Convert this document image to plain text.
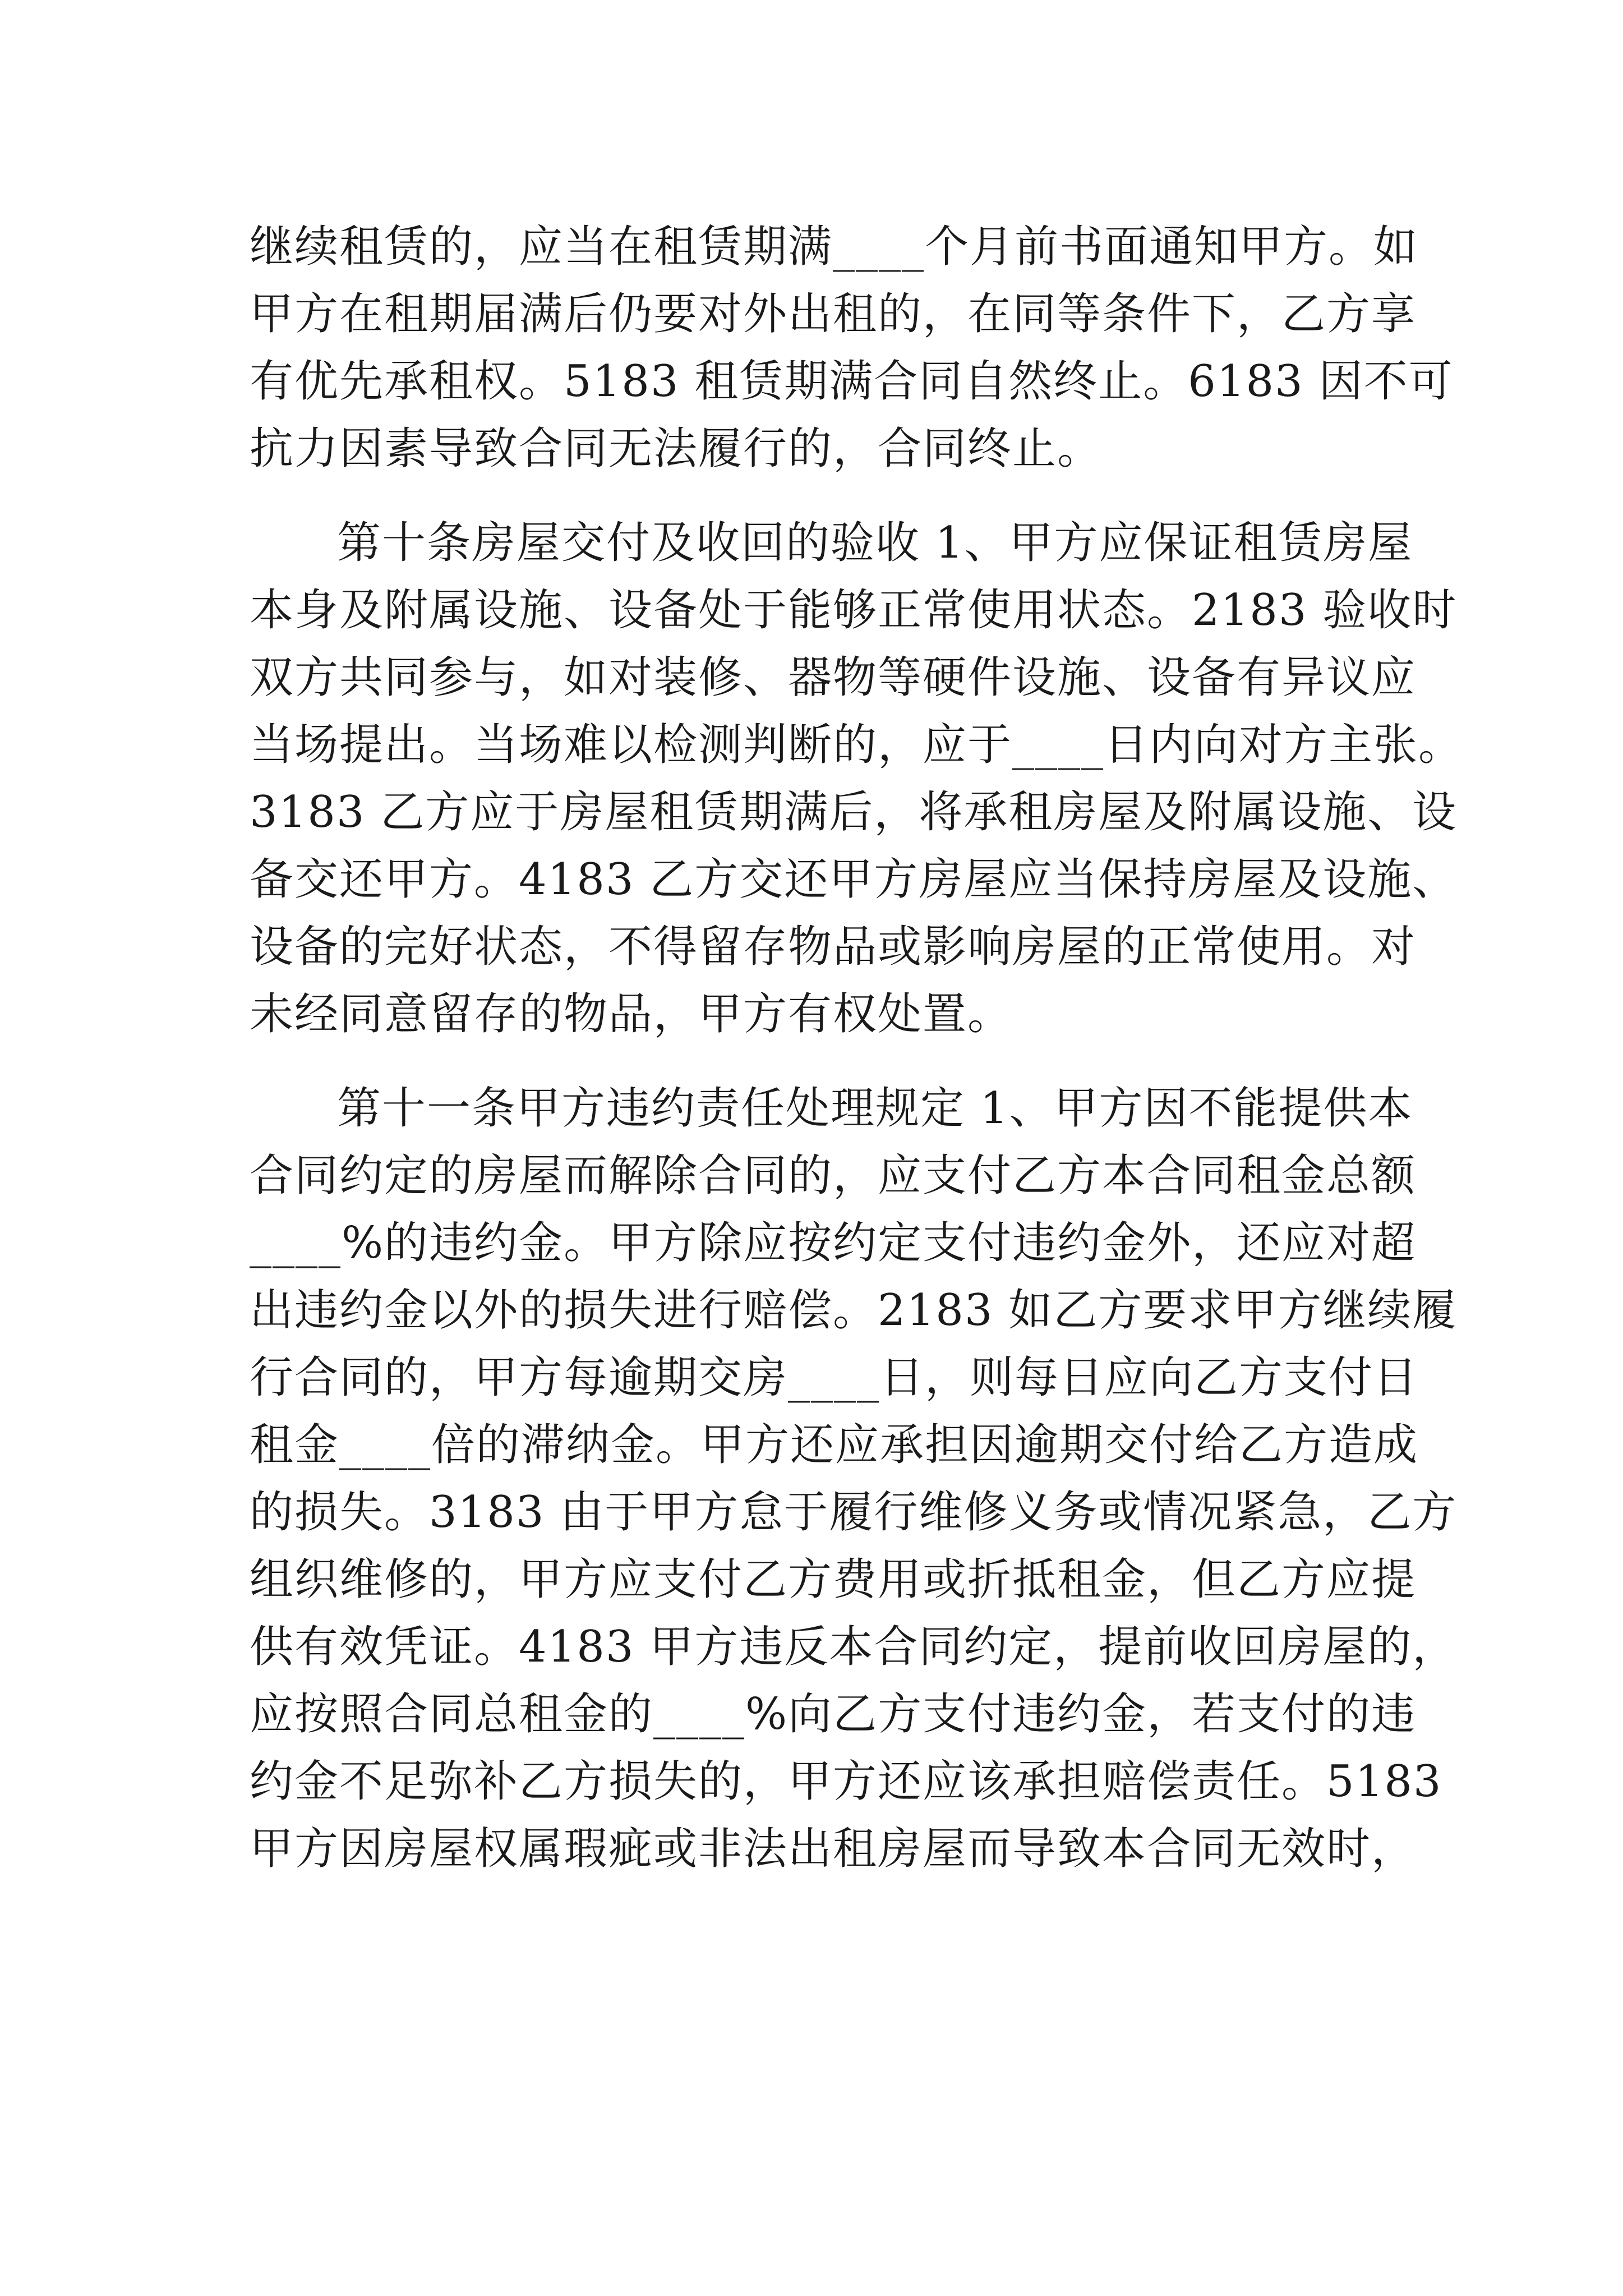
继续租赁的，应当在租赁期满____个月前书面通知甲方。如
甲方在租期届满后仍要对外出租的，在同等条件下，乙方享
有优先承租权。5183 租赁期满合同自然终止。6183 因不可
抗力因素导致合同无法履行的，合同终止。
第十条房屋交付及收回的验收 1、甲方应保证租赁房屋
本身及附属设施、设备处于能够正常使用状态。2183 验收时
双方共同参与，如对装修、器物等硬件设施、设备有异议应
当场提出。当场难以检测判断的，应于____日内向对方主张。
3183 乙方应于房屋租赁期满后，将承租房屋及附属设施、设
备交还甲方。4183 乙方交还甲方房屋应当保持房屋及设施、
设备的完好状态，不得留存物品或影响房屋的正常使用。对
未经同意留存的物品，甲方有权处置。
第十一条甲方违约责任处理规定 1、甲方因不能提供本
合同约定的房屋而解除合同的，应支付乙方本合同租金总额
____%的违约金。甲方除应按约定支付违约金外，还应对超
出违约金以外的损失进行赔偿。2183 如乙方要求甲方继续履
行合同的，甲方每逾期交房____日，则每日应向乙方支付日
租金____倍的滞纳金。甲方还应承担因逾期交付给乙方造成
的损失。3183 由于甲方怠于履行维修义务或情况紧急，乙方
组织维修的，甲方应支付乙方费用或折抵租金，但乙方应提
供有效凭证。4183 甲方违反本合同约定，提前收回房屋的，
应按照合同总租金的____%向乙方支付违约金，若支付的违
约金不足弥补乙方损失的，甲方还应该承担赔偿责任。5183
甲方因房屋权属瑕疵或非法出租房屋而导致本合同无效时，
